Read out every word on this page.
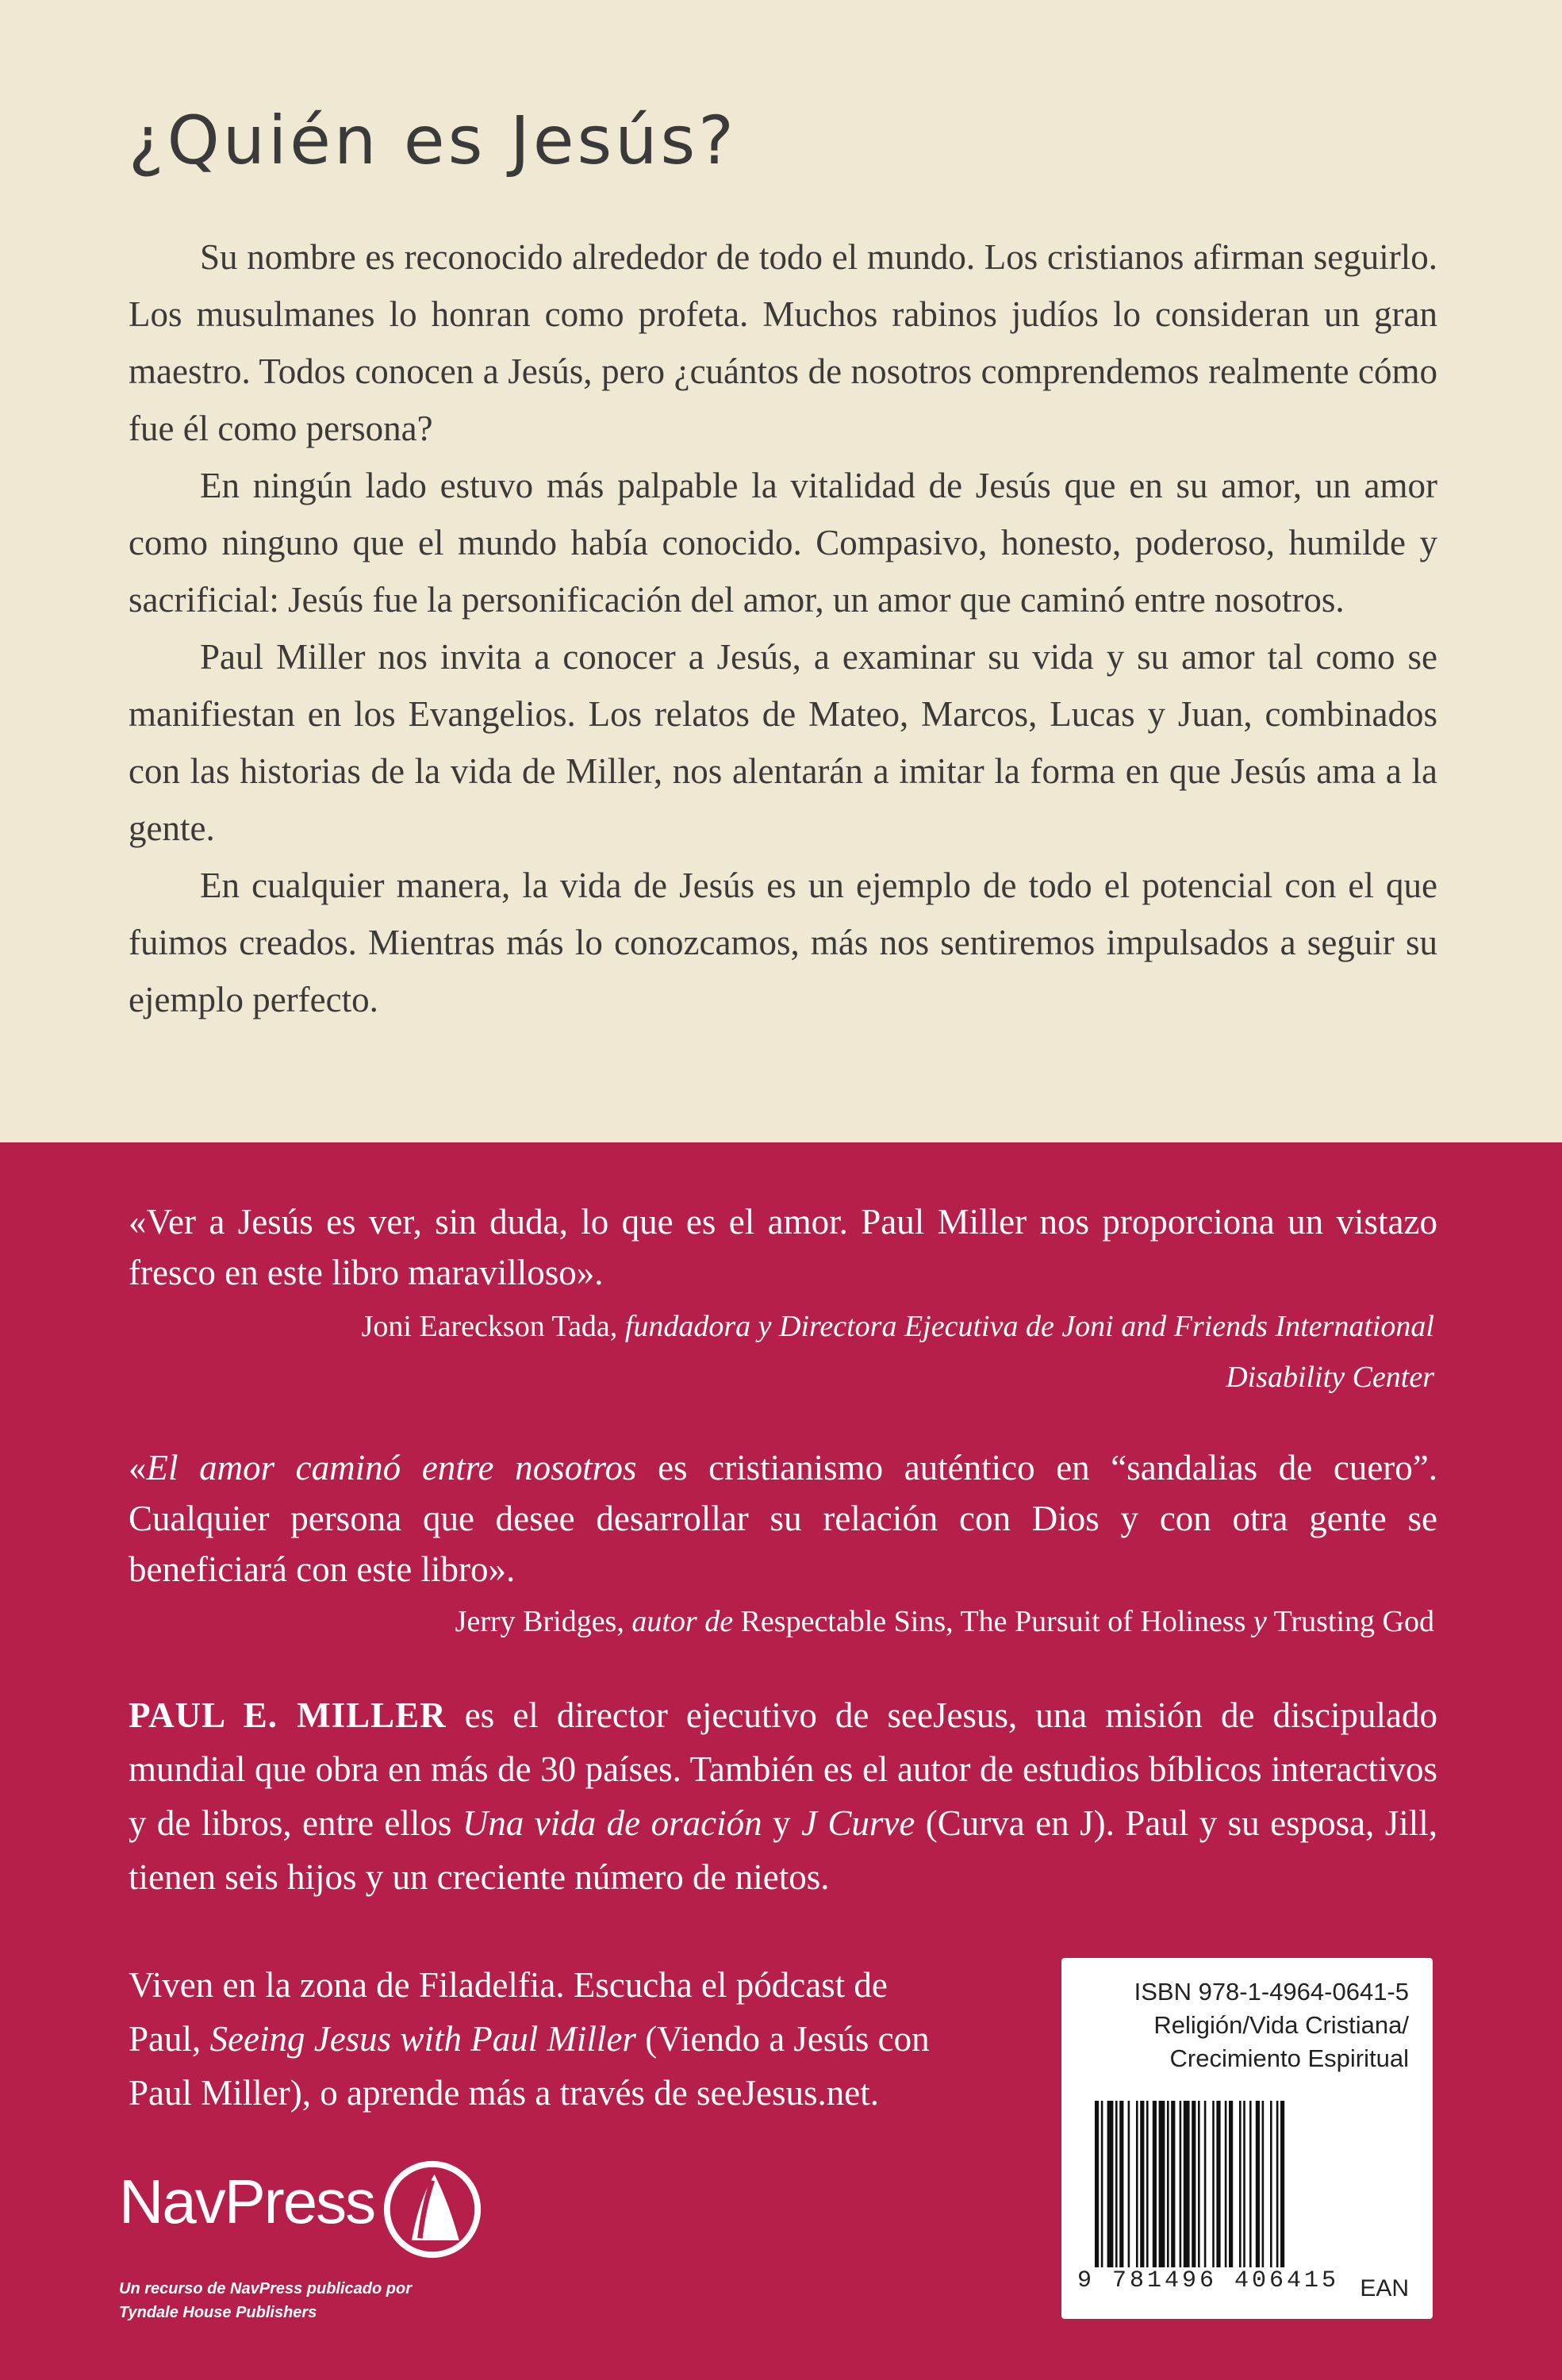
¿Quién es Jesús?

Su nombre es reconocido alrededor de todo el mundo. Los cristianos afirman seguirlo. Los musulmanes lo honran como profeta. Muchos rabinos judíos lo consideran un gran maestro. Todos conocen a Jesús, pero ¿cuántos de nosotros comprendemos realmente cómo fue él como persona?

En ningún lado estuvo más palpable la vitalidad de Jesús que en su amor, un amor como ninguno que el mundo había conocido. Compasivo, honesto, poderoso, humilde y sacrificial: Jesús fue la personificación del amor, un amor que caminó entre nosotros.

Paul Miller nos invita a conocer a Jesús, a examinar su vida y su amor tal como se manifiestan en los Evangelios. Los relatos de Mateo, Marcos, Lucas y Juan, combinados con las historias de la vida de Miller, nos alentarán a imitar la forma en que Jesús ama a la gente.

En cualquier manera, la vida de Jesús es un ejemplo de todo el potencial con el que fuimos creados. Mientras más lo conozcamos, más nos sentiremos impulsados a seguir su ejemplo perfecto.

«Ver a Jesús es ver, sin duda, lo que es el amor. Paul Miller nos proporciona un vistazo fresco en este libro maravilloso».
Joni Eareckson Tada, fundadora y Directora Ejecutiva de Joni and Friends International Disability Center
«El amor caminó entre nosotros es cristianismo auténtico en “sandalias de cuero”. Cualquier persona que desee desarrollar su relación con Dios y con otra gente se beneficiará con este libro».
Jerry Bridges, autor de Respectable Sins, The Pursuit of Holiness y Trusting God
PAUL E. MILLER es el director ejecutivo de seeJesus, una misión de discipulado mundial que obra en más de 30 países. También es el autor de estudios bíblicos interactivos y de libros, entre ellos Una vida de oración y J Curve (Curva en J). Paul y su esposa, Jill, tienen seis hijos y un creciente número de nietos.
Viven en la zona de Filadelfia. Escucha el pódcast de Paul, Seeing Jesus with Paul Miller (Viendo a Jesús con Paul Miller), o aprende más a través de seeJesus.net.
NavPress
Un recurso de NavPress publicado por
Tyndale House Publishers
ISBN 978-1-4964-0641-5
Religión/Vida Cristiana/
Crecimiento Espiritual
9 781496 406415 EAN
